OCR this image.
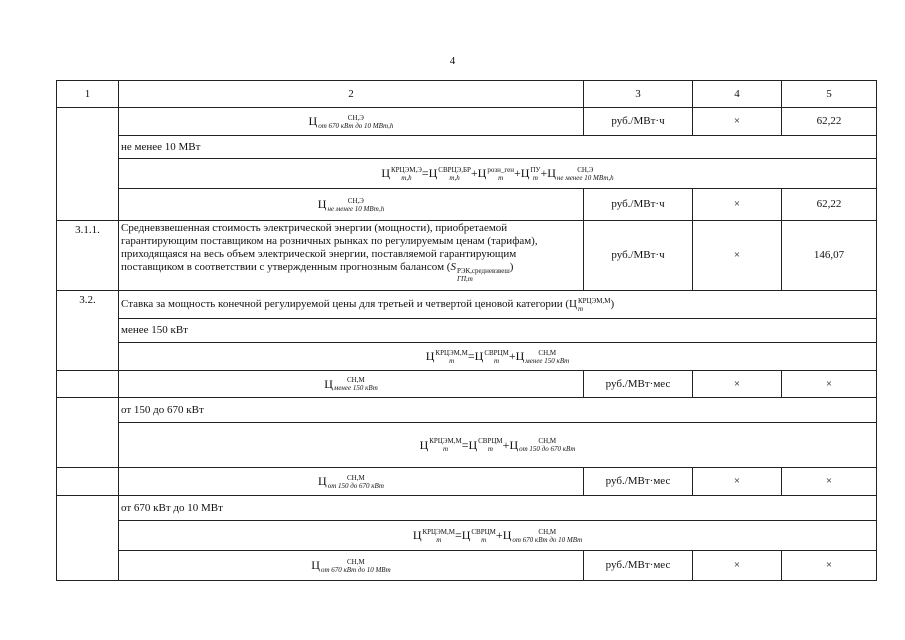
4
1	2	3	4	5
Ц	СН,Э
от 670 кВт до 10 МВт,h	руб./МВт·ч	×	62,22
не менее 10 МВт
Ц КРЦЭМ,Э
m,h = Ц СВРЦЭ,БР
m,h + Ц розн_ген
m + Ц ПУ
m + Ц	СН,Э
не менее 10 МВт,h
Ц	СН,Э
не менее 10 МВт,h	руб./МВт·ч	×	62,22
3.1.1.	Средневзвешенная стоимость электрической энергии (мощности), приобретаемой гарантирующим поставщиком на розничных рынках по регулируемым ценам (тарифам), приходящаяся на весь объем электрической энергии, поставляемой гарантирующим поставщиком в соответствии с утвержденным прогнозным балансом (S РЭК,средневзвеш
ГП,m
)
руб./МВт·ч	×	146,07
3.2.	Ставка за мощность конечной регулируемой цены для третьей и четвертой ценовой категории ( Ц КРЦЭМ,М
m	)
менее 150 кВт
Ц КРЦЭМ,М
m	= Ц СВРЦМ
m + Ц	СН,М
менее 150 кВт
Ц	СН,М
менее 150 кВт	руб./МВт·мес	×	×
от 150 до 670 кВт
Ц КРЦЭМ,М
m	= Ц СВРЦМ
m + Ц	СН,М
от 150 до 670 кВт
Ц	СН,М
от 150 до 670 кВт	руб./МВт·мес	×	×
от 670 кВт до 10 МВт
Ц КРЦЭМ,М
m	= Ц СВРЦМ
m + Ц	СН,М
от 670 кВт до 10 МВт
Ц	СН,М
от 670 кВт до 10 МВт	руб./МВт·мес	×	×
